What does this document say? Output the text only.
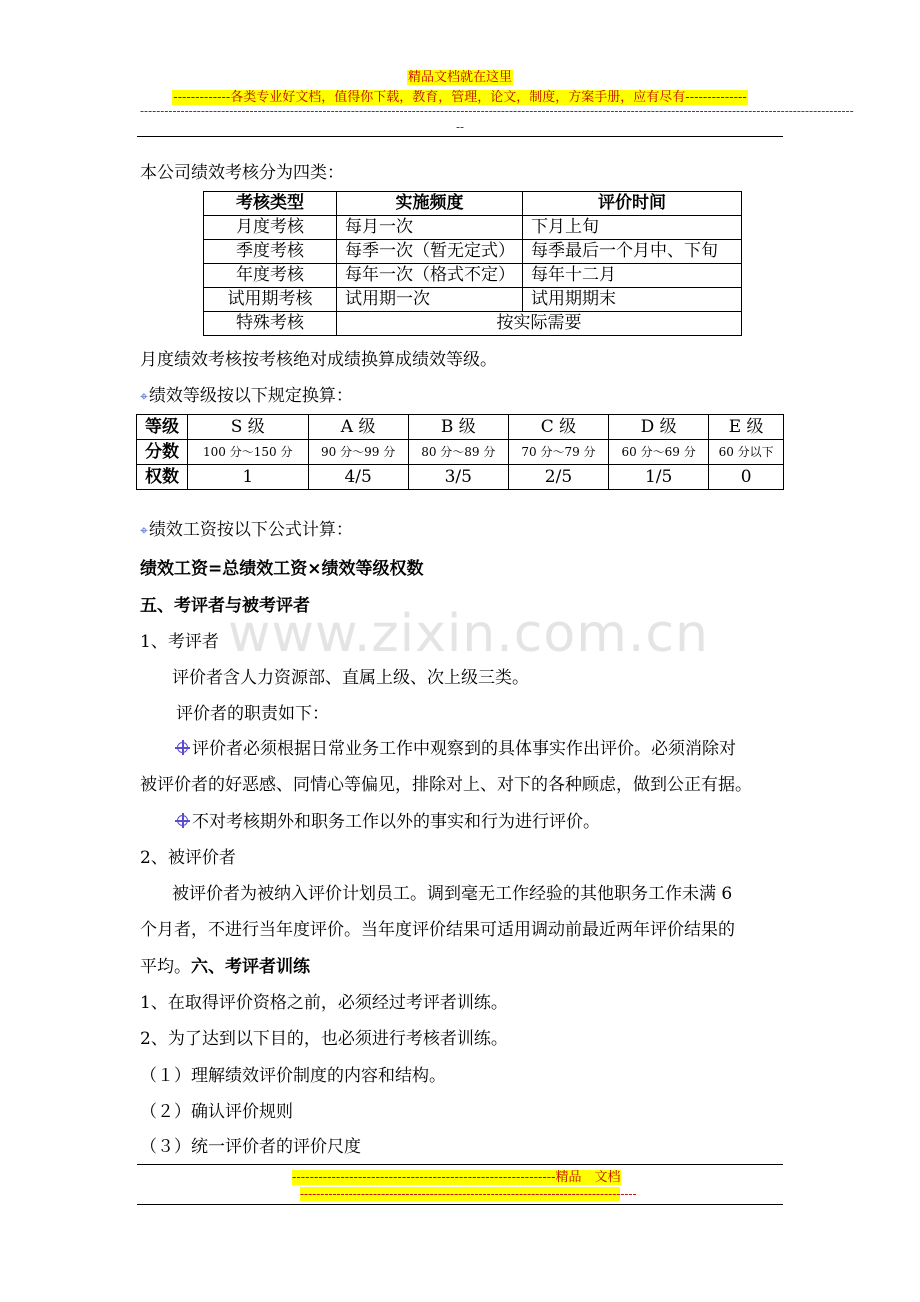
精品文档就在这里
-------------各类专业好文档，值得你下载，教育，管理，论文，制度，方案手册，应有尽有--------------
--------------------------------------------------------------------------------------------------------------------------------------------------------------------------------
--
www.zixin.com.cn
本公司绩效考核分为四类：
考核类型	实施频度	评价时间
月度考核	每月一次	下月上旬
季度考核	每季一次（暂无定式）	每季最后一个月中、下旬
年度考核	每年一次（格式不定）	每年十二月
试用期考核	试用期一次	试用期期末
特殊考核	按实际需要	
月度绩效考核按考核绝对成绩换算成绩效等级。
⌖绩效等级按以下规定换算：
等级	S 级	A 级	B 级	C 级	D 级	E 级
分数	100 分～150 分	90 分～99 分	80 分～89 分	70 分～79 分	60 分～69 分	60 分以下
权数	1	4/5	3/5	2/5	1/5	0
⌖绩效工资按以下公式计算：
绩效工资=总绩效工资×绩效等级权数
五、考评者与被考评者
1、考评者
评价者含人力资源部、直属上级、次上级三类。
评价者的职责如下：
评价者必须根据日常业务工作中观察到的具体事实作出评价。必须消除对
被评价者的好恶感、同情心等偏见，排除对上、对下的各种顾虑，做到公正有据。
不对考核期外和职务工作以外的事实和行为进行评价。
2、被评价者
被评价者为被纳入评价计划员工。调到毫无工作经验的其他职务工作未满 6
个月者，不进行当年度评价。当年度评价结果可适用调动前最近两年评价结果的
平均。六、考评者训练
1、在取得评价资格之前，必须经过考评者训练。
2、为了达到以下目的，也必须进行考核者训练。
（１）理解绩效评价制度的内容和结构。
（２）确认评价规则
（３）统一评价者的评价尺度
------------------------------------------------------------精品　文档
-----------------------------------------------------------------------------------
